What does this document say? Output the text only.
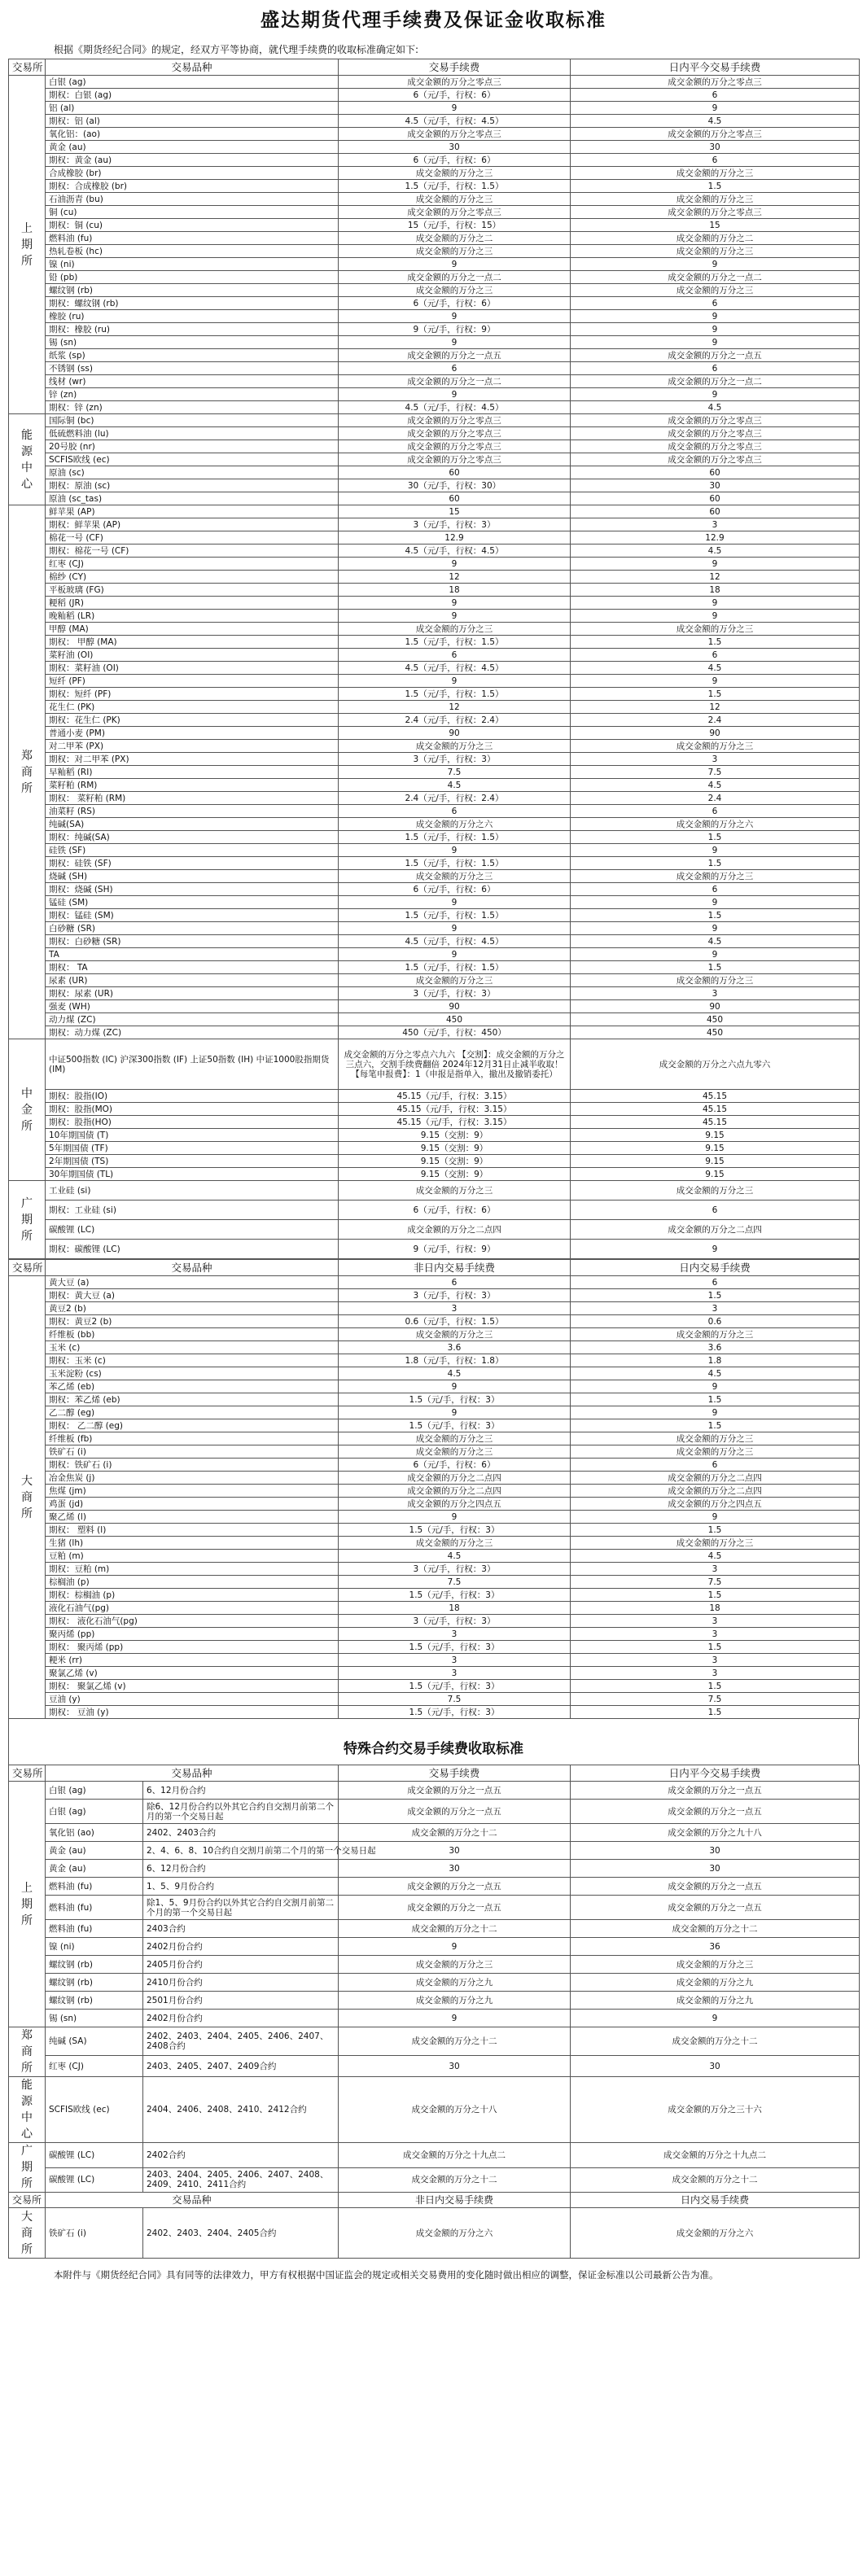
盛达期货代理手续费及保证金收取标准
根据《期货经纪合同》的规定，经双方平等协商，就代理手续费的收取标准确定如下:
交易所	交易品种	交易手续费	日内平今交易手续费
上期所	白银 (ag)	成交金额的万分之零点三	成交金额的万分之零点三
	期权：白银 (ag)	6（元/手，行权：6）	6
	铝 (al)	9	9
	期权：铝 (al)	4.5（元/手，行权：4.5）	4.5
	氧化铝：(ao)	成交金额的万分之零点三	成交金额的万分之零点三
	黄金 (au)	30	30
	期权：黄金 (au)	6（元/手，行权：6）	6
	合成橡胶 (br)	成交金额的万分之三	成交金额的万分之三
	期权：合成橡胶 (br)	1.5（元/手，行权：1.5）	1.5
	石油沥青 (bu)	成交金额的万分之三	成交金额的万分之三
	铜 (cu)	成交金额的万分之零点三	成交金额的万分之零点三
	期权：铜 (cu)	15（元/手，行权：15）	15
	燃料油 (fu)	成交金额的万分之二	成交金额的万分之二
	热轧卷板 (hc)	成交金额的万分之三	成交金额的万分之三
	镍 (ni)	9	9
	铅 (pb)	成交金额的万分之一点二	成交金额的万分之一点二
	螺纹钢 (rb)	成交金额的万分之三	成交金额的万分之三
	期权：螺纹钢 (rb)	6（元/手，行权：6）	6
	橡胶 (ru)	9	9
	期权：橡胶 (ru)	9（元/手，行权：9）	9
	锡 (sn)	9	9
	纸浆 (sp)	成交金额的万分之一点五	成交金额的万分之一点五
	不锈钢 (ss)	6	6
	线材 (wr)	成交金额的万分之一点二	成交金额的万分之一点二
	锌 (zn)	9	9
	期权：锌 (zn)	4.5（元/手，行权：4.5）	4.5
能源中心	国际铜 (bc)	成交金额的万分之零点三	成交金额的万分之零点三
	低硫燃料油 (lu)	成交金额的万分之零点三	成交金额的万分之零点三
	20号胶 (nr)	成交金额的万分之零点三	成交金额的万分之零点三
	SCFIS欧线 (ec)	成交金额的万分之零点三	成交金额的万分之零点三
	原油 (sc)	60	60
	期权：原油 (sc)	30（元/手，行权：30）	30
	原油 (sc_tas)	60	60
郑商所	鲜苹果 (AP)	15	60
	期权：鲜苹果 (AP)	3（元/手，行权：3）	3
	棉花一号 (CF)	12.9	12.9
	期权：棉花一号 (CF)	4.5（元/手，行权：4.5）	4.5
	红枣 (CJ)	9	9
	棉纱 (CY)	12	12
	平板玻璃 (FG)	18	18
	粳稻 (JR)	9	9
	晚籼稻 (LR)	9	9
	甲醇 (MA)	成交金额的万分之三	成交金额的万分之三
	期权： 甲醇 (MA)	1.5（元/手，行权：1.5）	1.5
	菜籽油 (OI)	6	6
	期权：菜籽油 (OI)	4.5（元/手，行权：4.5）	4.5
	短纤 (PF)	9	9
	期权：短纤 (PF)	1.5（元/手，行权：1.5）	1.5
	花生仁 (PK)	12	12
	期权：花生仁 (PK)	2.4（元/手，行权：2.4）	2.4
	普通小麦 (PM)	90	90
	对二甲苯 (PX)	成交金额的万分之三	成交金额的万分之三
	期权：对二甲苯 (PX)	3（元/手，行权：3）	3
	早籼稻 (RI)	7.5	7.5
	菜籽粕 (RM)	4.5	4.5
	期权： 菜籽粕 (RM)	2.4（元/手，行权：2.4）	2.4
	油菜籽 (RS)	6	6
	纯碱(SA)	成交金额的万分之六	成交金额的万分之六
	期权：纯碱(SA)	1.5（元/手，行权：1.5）	1.5
	硅铁 (SF)	9	9
	期权：硅铁 (SF)	1.5（元/手，行权：1.5）	1.5
	烧碱 (SH)	成交金额的万分之三	成交金额的万分之三
	期权：烧碱 (SH)	6（元/手，行权：6）	6
	锰硅 (SM)	9	9
	期权：锰硅 (SM)	1.5（元/手，行权：1.5）	1.5
	白砂糖 (SR)	9	9
	期权：白砂糖 (SR)	4.5（元/手，行权：4.5）	4.5
	TA	9	9
	期权： TA	1.5（元/手，行权：1.5）	1.5
	尿素 (UR)	成交金额的万分之三	成交金额的万分之三
	期权：尿素 (UR)	3（元/手，行权：3）	3
	强麦 (WH)	90	90
	动力煤 (ZC)	450	450
	期权：动力煤 (ZC)	450（元/手，行权：450）	450
中金所	中证500指数 (IC) 沪深300指数 (IF) 上证50指数 (IH) 中证1000股指期货 (IM)	成交金额的万分之零点六九六 【交割】：成交金额的万分之三点六，交割手续费翻倍 2024年12月31日止减半收取！ 【每笔申报费】：1（申报是指单入，撤出及撤销委托）	成交金额的万分之六点九零六
	期权：股指(IO)	45.15（元/手，行权：3.15）	45.15
	期权：股指(MO)	45.15（元/手，行权：3.15）	45.15
	期权：股指(HO)	45.15（元/手，行权：3.15）	45.15
	10年期国债 (T)	9.15（交割：9）	9.15
	5年期国债 (TF)	9.15（交割：9）	9.15
	2年期国债 (TS)	9.15（交割：9）	9.15
	30年期国债 (TL)	9.15（交割：9）	9.15
广期所	工业硅 (si)	成交金额的万分之三	成交金额的万分之三
	期权：工业硅 (si)	6（元/手，行权：6）	6
	碳酸锂 (LC)	成交金额的万分之二点四	成交金额的万分之二点四
	期权：碳酸锂 (LC)	9（元/手，行权：9）	9
交易所	交易品种	非日内交易手续费	日内交易手续费
大商所	黄大豆 (a)	6	6
	期权：黄大豆 (a)	3（元/手，行权：3）	1.5
	黄豆2 (b)	3	3
	期权：黄豆2 (b)	0.6（元/手，行权：1.5）	0.6
	纤维板 (bb)	成交金额的万分之三	成交金额的万分之三
	玉米 (c)	3.6	3.6
	期权：玉米 (c)	1.8（元/手，行权：1.8）	1.8
	玉米淀粉 (cs)	4.5	4.5
	苯乙烯 (eb)	9	9
	期权：苯乙烯 (eb)	1.5（元/手，行权：3）	1.5
	乙二醇 (eg)	9	9
	期权： 乙二醇 (eg)	1.5（元/手，行权：3）	1.5
	纤维板 (fb)	成交金额的万分之三	成交金额的万分之三
	铁矿石 (i)	成交金额的万分之三	成交金额的万分之三
	期权：铁矿石 (i)	6（元/手，行权：6）	6
	冶金焦炭 (j)	成交金额的万分之二点四	成交金额的万分之二点四
	焦煤 (jm)	成交金额的万分之二点四	成交金额的万分之二点四
	鸡蛋 (jd)	成交金额的万分之四点五	成交金额的万分之四点五
	聚乙烯 (l)	9	9
	期权： 塑料 (l)	1.5（元/手，行权：3）	1.5
	生猪 (lh)	成交金额的万分之三	成交金额的万分之三
	豆粕 (m)	4.5	4.5
	期权：豆粕 (m)	3（元/手，行权：3）	3
	棕榈油 (p)	7.5	7.5
	期权：棕榈油 (p)	1.5（元/手，行权：3）	1.5
	液化石油气(pg)	18	18
	期权： 液化石油气(pg)	3（元/手，行权：3）	3
	聚丙烯 (pp)	3	3
	期权： 聚丙烯 (pp)	1.5（元/手，行权：3）	1.5
	粳米 (rr)	3	3
	聚氯乙烯 (v)	3	3
	期权： 聚氯乙烯 (v)	1.5（元/手，行权：3）	1.5
	豆油 (y)	7.5	7.5
	期权： 豆油 (y)	1.5（元/手，行权：3）	1.5
特殊合约交易手续费收取标准
交易所	交易品种		交易手续费	日内平今交易手续费
上期所	白银 (ag)	6、12月份合约	成交金额的万分之一点五	成交金额的万分之一点五
	白银 (ag)	除6、12月份合约以外其它合约自交割月前第二个月的第一个交易日起	成交金额的万分之一点五	成交金额的万分之一点五
	氧化铝 (ao)	2402、2403合约	成交金额的万分之十二	成交金额的万分之九十八
	黄金 (au)	2、4、6、8、10合约自交割月前第二个月的第一个交易日起	30	30
	黄金 (au)	6、12月份合约	30	30
	燃料油 (fu)	1、5、9月份合约	成交金额的万分之一点五	成交金额的万分之一点五
	燃料油 (fu)	除1、5、9月份合约以外其它合约自交割月前第二个月的第一个交易日起	成交金额的万分之一点五	成交金额的万分之一点五
	燃料油 (fu)	2403合约	成交金额的万分之十二	成交金额的万分之十二
	镍 (ni)	2402月份合约	9	36
	螺纹钢 (rb)	2405月份合约	成交金额的万分之三	成交金额的万分之三
	螺纹钢 (rb)	2410月份合约	成交金额的万分之九	成交金额的万分之九
	螺纹钢 (rb)	2501月份合约	成交金额的万分之九	成交金额的万分之九
	锡 (sn)	2402月份合约	9	9
郑商所	纯碱 (SA)	2402、2403、2404、2405、2406、2407、2408合约	成交金额的万分之十二	成交金额的万分之十二
	红枣 (CJ)	2403、2405、2407、2409合约	30	30
能源中心	SCFIS欧线 (ec)	2404、2406、2408、2410、2412合约	成交金额的万分之十八	成交金额的万分之三十六
广期所	碳酸锂 (LC)	2402合约	成交金额的万分之十九点二	成交金额的万分之十九点二
	碳酸锂 (LC)	2403、2404、2405、2406、2407、2408、2409、2410、2411合约	成交金额的万分之十二	成交金额的万分之十二
交易所	交易品种		非日内交易手续费	日内交易手续费
大商所	铁矿石 (i)	2402、2403、2404、2405合约	成交金额的万分之六	成交金额的万分之六
本附件与《期货经纪合同》具有同等的法律效力，甲方有权根据中国证监会的规定或相关交易费用的变化随时做出相应的调整，保证金标准以公司最新公告为准。
